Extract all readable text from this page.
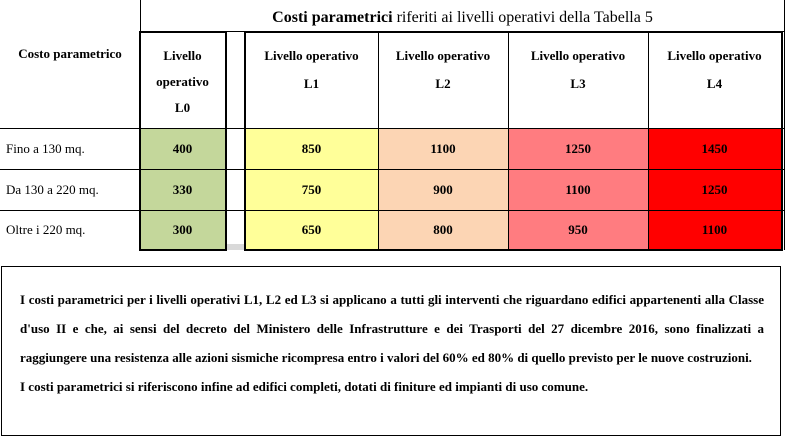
Costi parametrici riferiti ai livelli operativi della Tabella 5
Costo parametrico
400
330
300
850
750
650
1100
900
800
1250
1100
950
1450
1250
1100
Livello
operativo
L0
Livello operativo
L1
Livello operativo
L2
Livello operativo
L3
Livello operativo
L4
Fino a 130 mq.
Da 130 a 220 mq.
Oltre i 220 mq.

I costi parametrici per i livelli operativi L1, L2 ed L3 si applicano a tutti gli interventi che riguardano edifici appartenenti alla Classe d'uso II e che, ai sensi del decreto del Ministero delle Infrastrutture e dei Trasporti del 27 dicembre 2016, sono finalizzati a raggiungere una resistenza alle azioni sismiche ricompresa entro i valori del 60% ed 80% di quello previsto per le nuove costruzioni.

I costi parametrici si riferiscono infine ad edifici completi, dotati di finiture ed impianti di uso comune.
